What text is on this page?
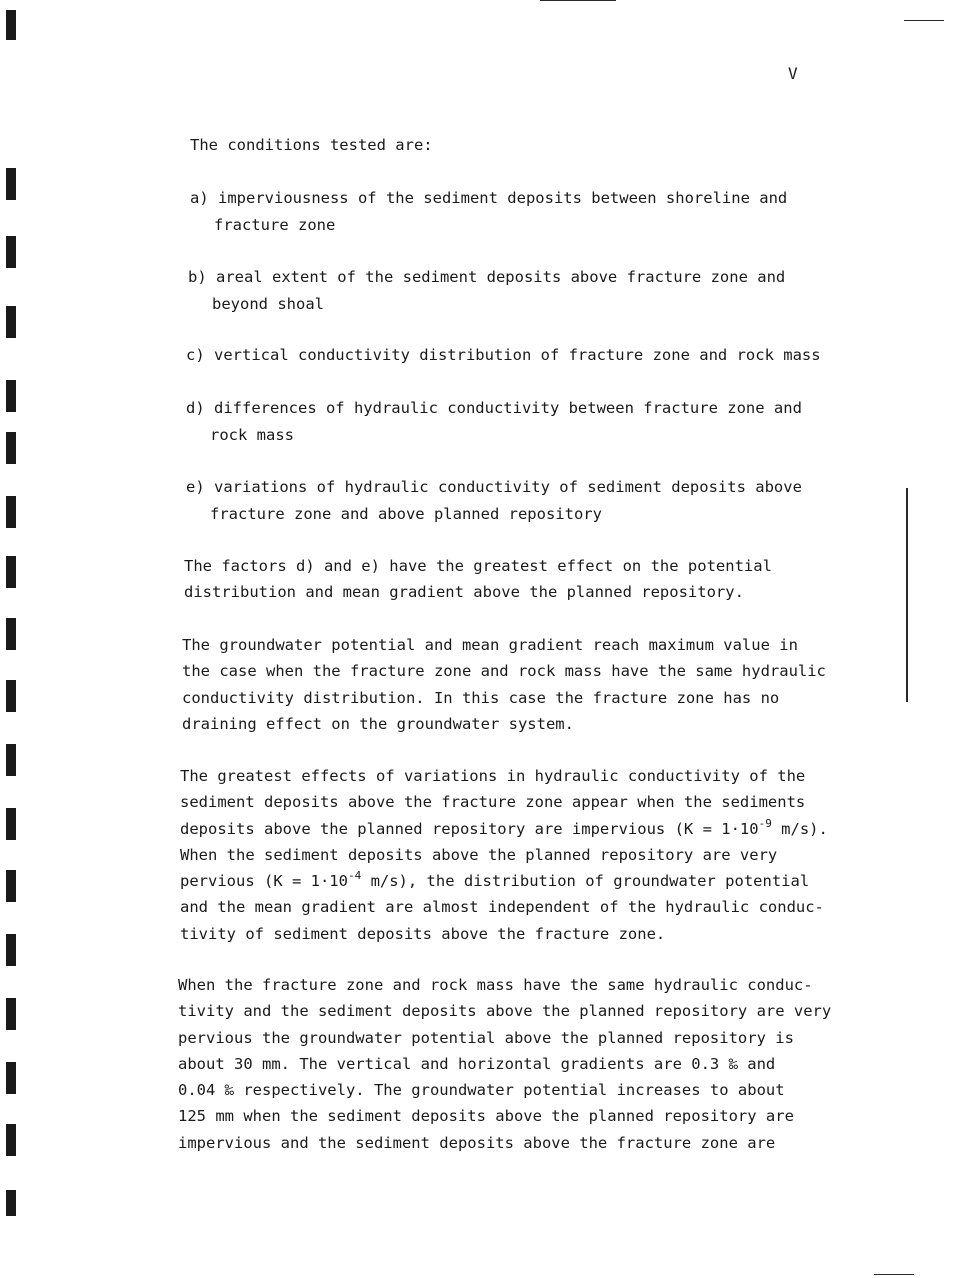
V
The conditions tested are:
a) imperviousness of the sediment deposits between shoreline and
fracture zone
b) areal extent of the sediment deposits above fracture zone and
beyond shoal
c) vertical conductivity distribution of fracture zone and rock mass
d) differences of hydraulic conductivity between fracture zone and
rock mass
e) variations of hydraulic conductivity of sediment deposits above
fracture zone and above planned repository
The factors d) and e) have the greatest effect on the potential
distribution and mean gradient above the planned repository.
The groundwater potential and mean gradient reach maximum value in
the case when the fracture zone and rock mass have the same hydraulic
conductivity distribution. In this case the fracture zone has no
draining effect on the groundwater system.
The greatest effects of variations in hydraulic conductivity of the
sediment deposits above the fracture zone appear when the sediments
deposits above the planned repository are impervious ($K = 1\cdot 10^{-9}$ m/s).
When the sediment deposits above the planned repository are very
pervious ($K = 1\cdot 10^{-4}$ m/s), the distribution of groundwater potential
and the mean gradient are almost independent of the hydraulic conduc-
tivity of sediment deposits above the fracture zone.
When the fracture zone and rock mass have the same hydraulic conduc-
tivity and the sediment deposits above the planned repository are very
pervious the groundwater potential above the planned repository is
about 30 mm. The vertical and horizontal gradients are 0.3 ‰ and
0.04 ‰ respectively. The groundwater potential increases to about
125 mm when the sediment deposits above the planned repository are
impervious and the sediment deposits above the fracture zone are
